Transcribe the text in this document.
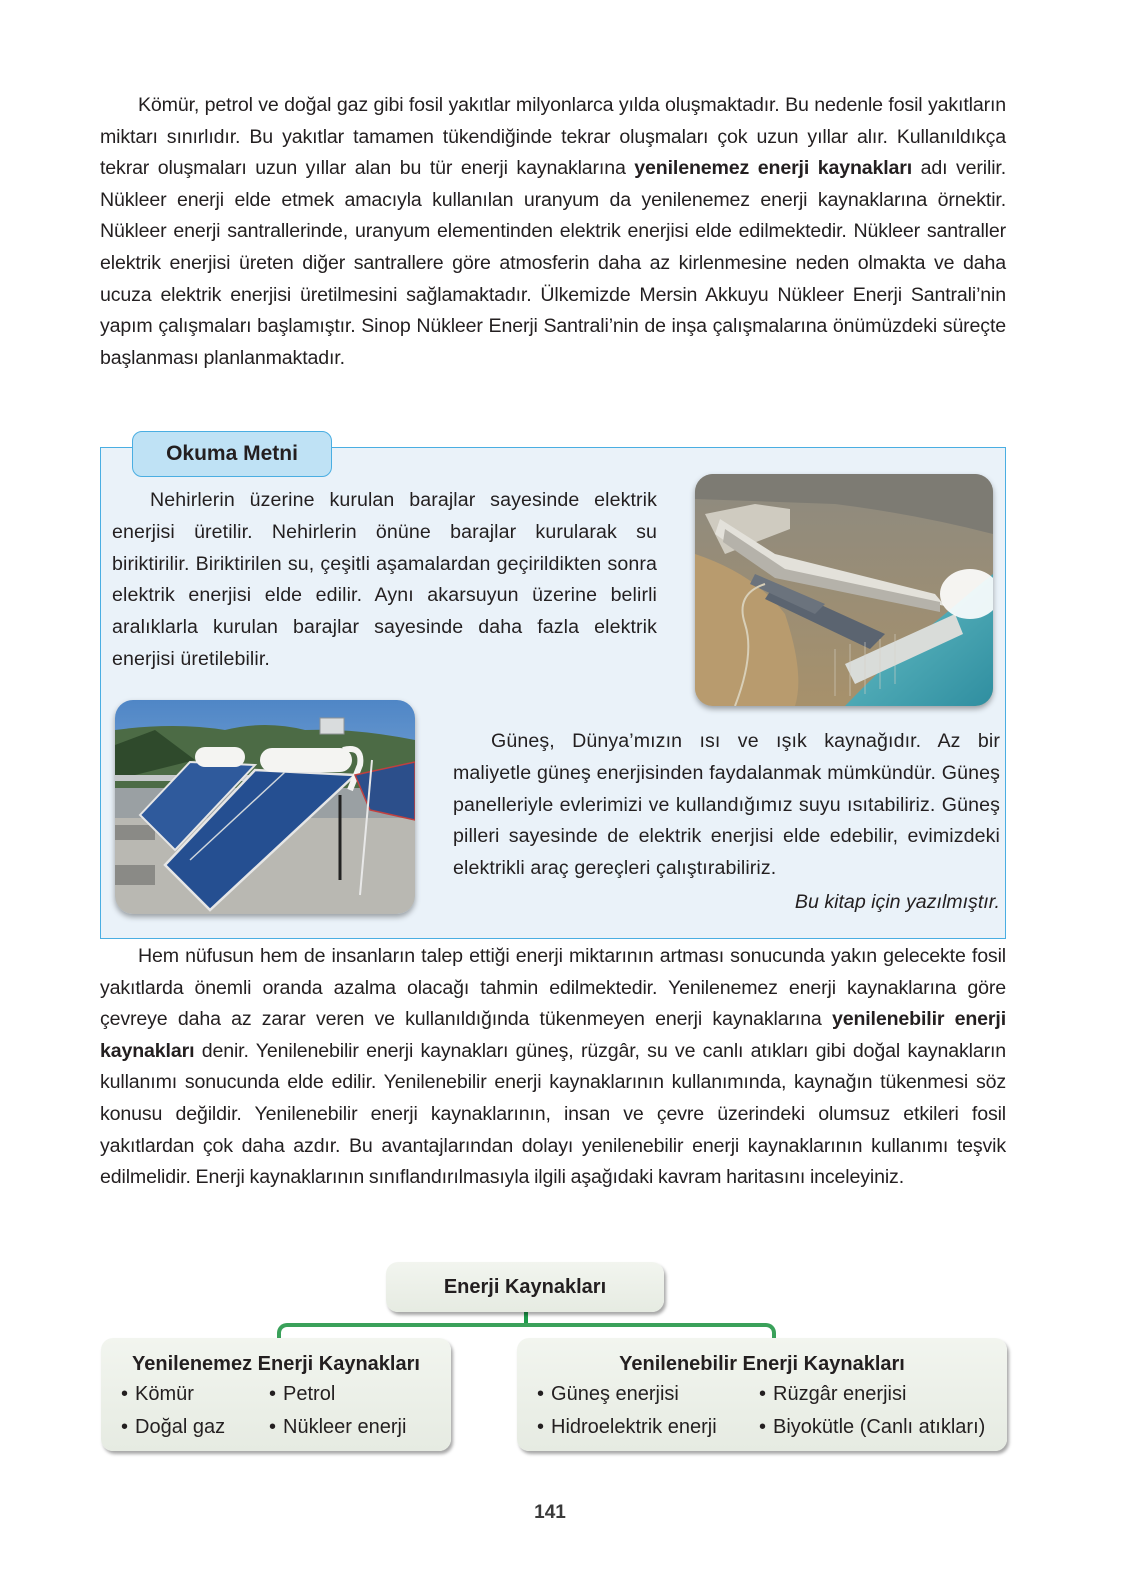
Kömür, petrol ve doğal gaz gibi fosil yakıtlar milyonlarca yılda oluşmaktadır. Bu nedenle fosil yakıtların miktarı sınırlıdır. Bu yakıtlar tamamen tükendiğinde tekrar oluşmaları çok uzun yıllar alır. Kullanıldıkça tekrar oluşmaları uzun yıllar alan bu tür enerji kaynaklarına yenilenemez enerji kaynakları adı verilir. Nükleer enerji elde etmek amacıyla kullanılan uranyum da yenilenemez enerji kaynaklarına örnektir. Nükleer enerji santrallerinde, uranyum elementinden elektrik enerjisi elde edilmektedir. Nükleer santraller elektrik enerjisi üreten diğer santrallere göre atmosferin daha az kirlenmesine neden olmakta ve daha ucuza elektrik enerjisi üretilmesini sağlamaktadır. Ülkemizde Mersin Akkuyu Nükleer Enerji Santrali’nin yapım çalışmaları başlamıştır. Sinop Nükleer Enerji Santrali’nin de inşa çalışmalarına önümüzdeki süreçte başlanması planlanmaktadır.

Okuma Metni

Nehirlerin üzerine kurulan barajlar sayesinde elektrik enerjisi üretilir. Nehirlerin önüne barajlar kurularak su biriktirilir. Biriktirilen su, çeşitli aşamalardan geçirildikten sonra elektrik enerjisi elde edilir. Aynı akarsuyun üzerine belirli aralıklarla kurulan barajlar sayesinde daha fazla elektrik enerjisi üretilebilir.

Güneş, Dünya’mızın ısı ve ışık kaynağıdır. Az bir maliyetle güneş enerjisinden faydalanmak mümkündür. Güneş panelleriyle evlerimizi ve kullandığımız suyu ısıtabiliriz. Güneş pilleri sayesinde de elektrik enerjisi elde edebilir, evimizdeki elektrikli araç gereçleri çalıştırabiliriz.

Bu kitap için yazılmıştır.

Hem nüfusun hem de insanların talep ettiği enerji miktarının artması sonucunda yakın gelecekte fosil yakıtlarda önemli oranda azalma olacağı tahmin edilmektedir. Yenilenemez enerji kaynaklarına göre çevreye daha az zarar veren ve kullanıldığında tükenmeyen enerji kaynaklarına yenilenebilir enerji kaynakları denir. Yenilenebilir enerji kaynakları güneş, rüzgâr, su ve canlı atıkları gibi doğal kaynakların kullanımı sonucunda elde edilir. Yenilenebilir enerji kaynaklarının kullanımında, kaynağın tükenmesi söz konusu değildir. Yenilenebilir enerji kaynaklarının, insan ve çevre üzerindeki olumsuz etkileri fosil yakıtlardan çok daha azdır. Bu avantajlarından dolayı yenilenebilir enerji kaynaklarının kullanımı teşvik edilmelidir. Enerji kaynaklarının sınıflandırılmasıyla ilgili aşağıdaki kavram haritasını inceleyiniz.

Enerji Kaynakları
Yenilenemez Enerji Kaynakları
• Kömür	• Petrol
• Doğal gaz	• Nükleer enerji
Yenilenebilir Enerji Kaynakları
• Güneş enerjisi	• Rüzgâr enerjisi
• Hidroelektrik enerji	• Biyokütle (Canlı atıkları)
141
